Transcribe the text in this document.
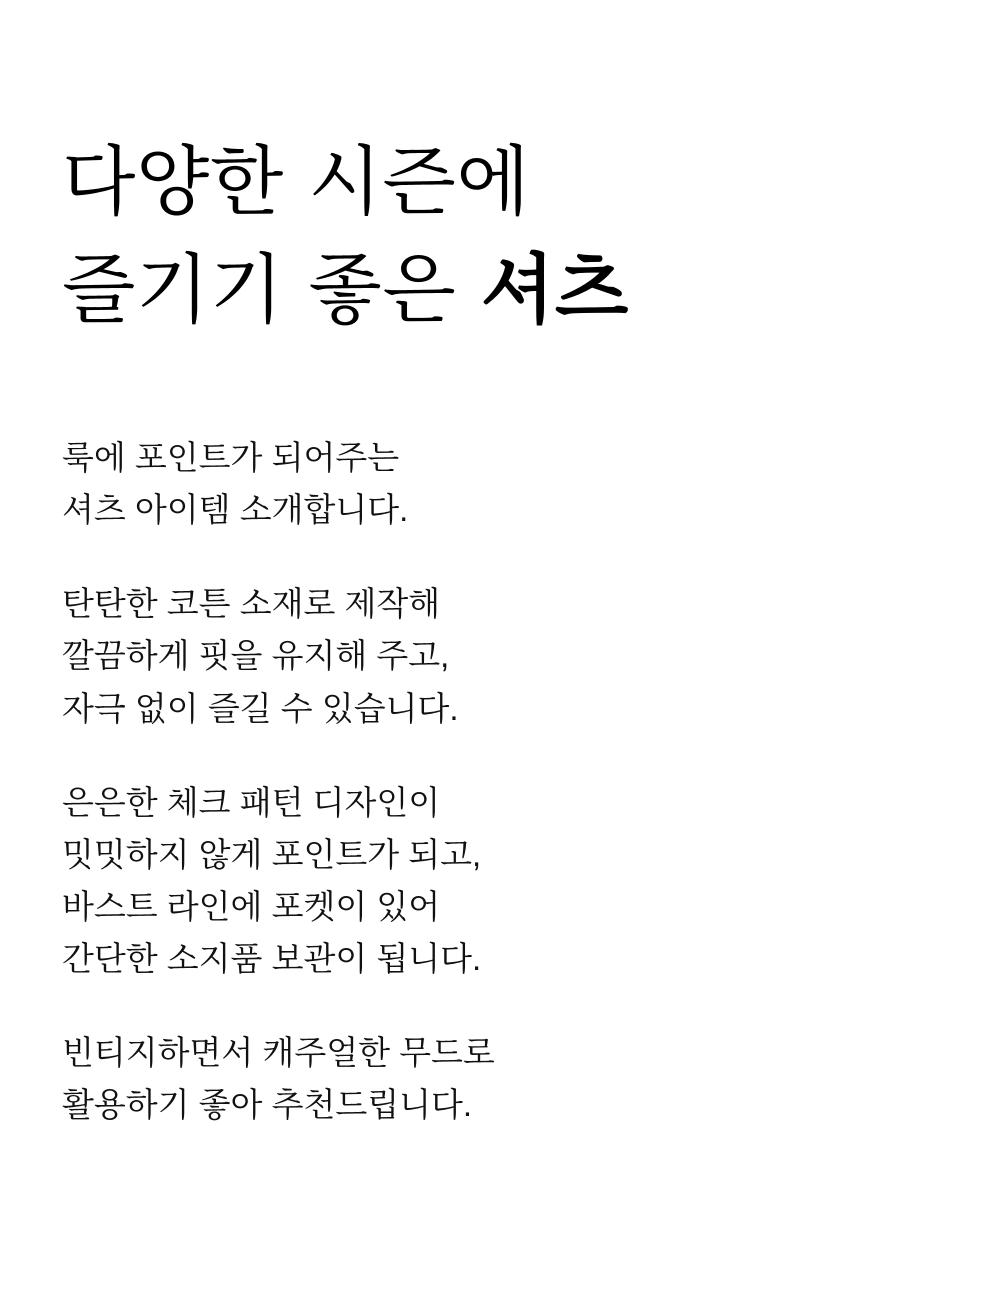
다양한 시즌에
즐기기 좋은 셔츠
룩에 포인트가 되어주는
셔츠 아이템 소개합니다.
탄탄한 코튼 소재로 제작해
깔끔하게 핏을 유지해 주고,
자극 없이 즐길 수 있습니다.
은은한 체크 패턴 디자인이
밋밋하지 않게 포인트가 되고,
바스트 라인에 포켓이 있어
간단한 소지품 보관이 됩니다.
빈티지하면서 캐주얼한 무드로
활용하기 좋아 추천드립니다.
